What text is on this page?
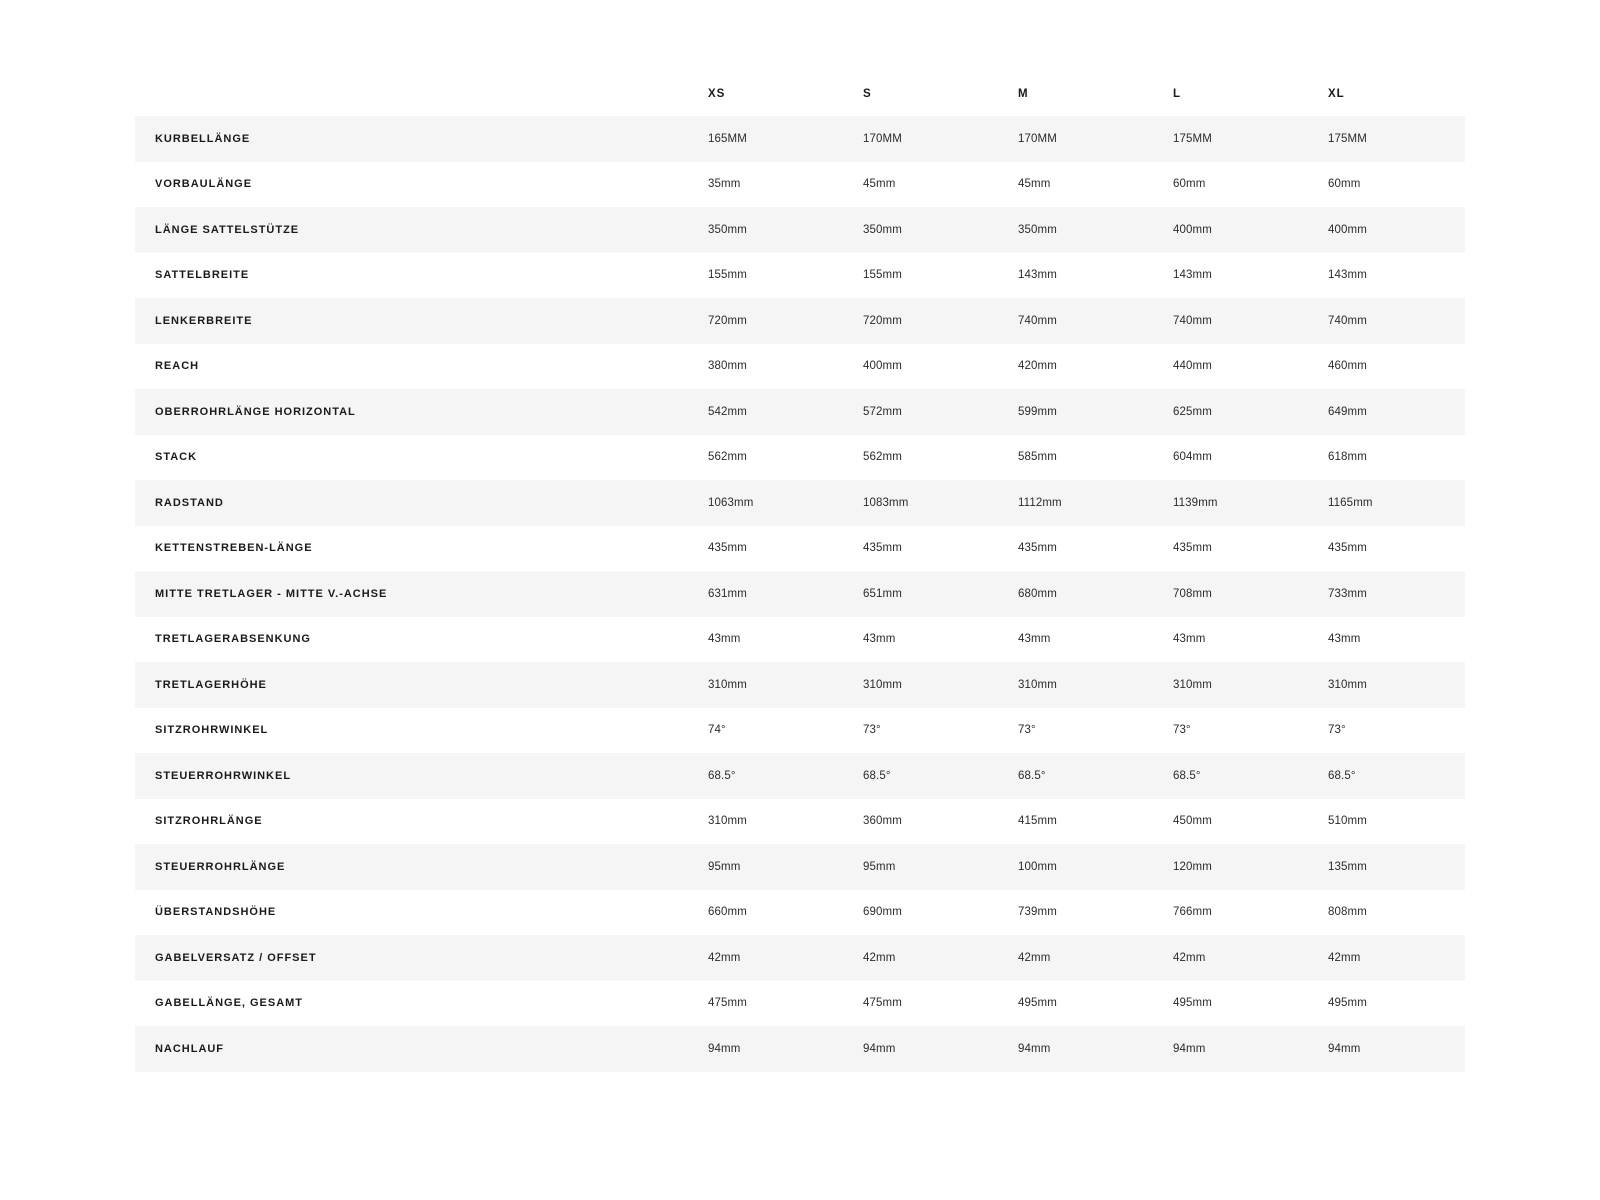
	XS	S	M	L	XL
KURBELLÄNGE	165MM	170MM	170MM	175MM	175MM
VORBAULÄNGE	35mm	45mm	45mm	60mm	60mm
LÄNGE SATTELSTÜTZE	350mm	350mm	350mm	400mm	400mm
SATTELBREITE	155mm	155mm	143mm	143mm	143mm
LENKERBREITE	720mm	720mm	740mm	740mm	740mm
REACH	380mm	400mm	420mm	440mm	460mm
OBERROHRLÄNGE HORIZONTAL	542mm	572mm	599mm	625mm	649mm
STACK	562mm	562mm	585mm	604mm	618mm
RADSTAND	1063mm	1083mm	1112mm	1139mm	1165mm
KETTENSTREBEN-LÄNGE	435mm	435mm	435mm	435mm	435mm
MITTE TRETLAGER - MITTE V.-ACHSE	631mm	651mm	680mm	708mm	733mm
TRETLAGERABSENKUNG	43mm	43mm	43mm	43mm	43mm
TRETLAGERHÖHE	310mm	310mm	310mm	310mm	310mm
SITZROHRWINKEL	74°	73°	73°	73°	73°
STEUERROHRWINKEL	68.5°	68.5°	68.5°	68.5°	68.5°
SITZROHRLÄNGE	310mm	360mm	415mm	450mm	510mm
STEUERROHRLÄNGE	95mm	95mm	100mm	120mm	135mm
ÜBERSTANDSHÖHE	660mm	690mm	739mm	766mm	808mm
GABELVERSATZ / OFFSET	42mm	42mm	42mm	42mm	42mm
GABELLÄNGE, GESAMT	475mm	475mm	495mm	495mm	495mm
NACHLAUF	94mm	94mm	94mm	94mm	94mm
